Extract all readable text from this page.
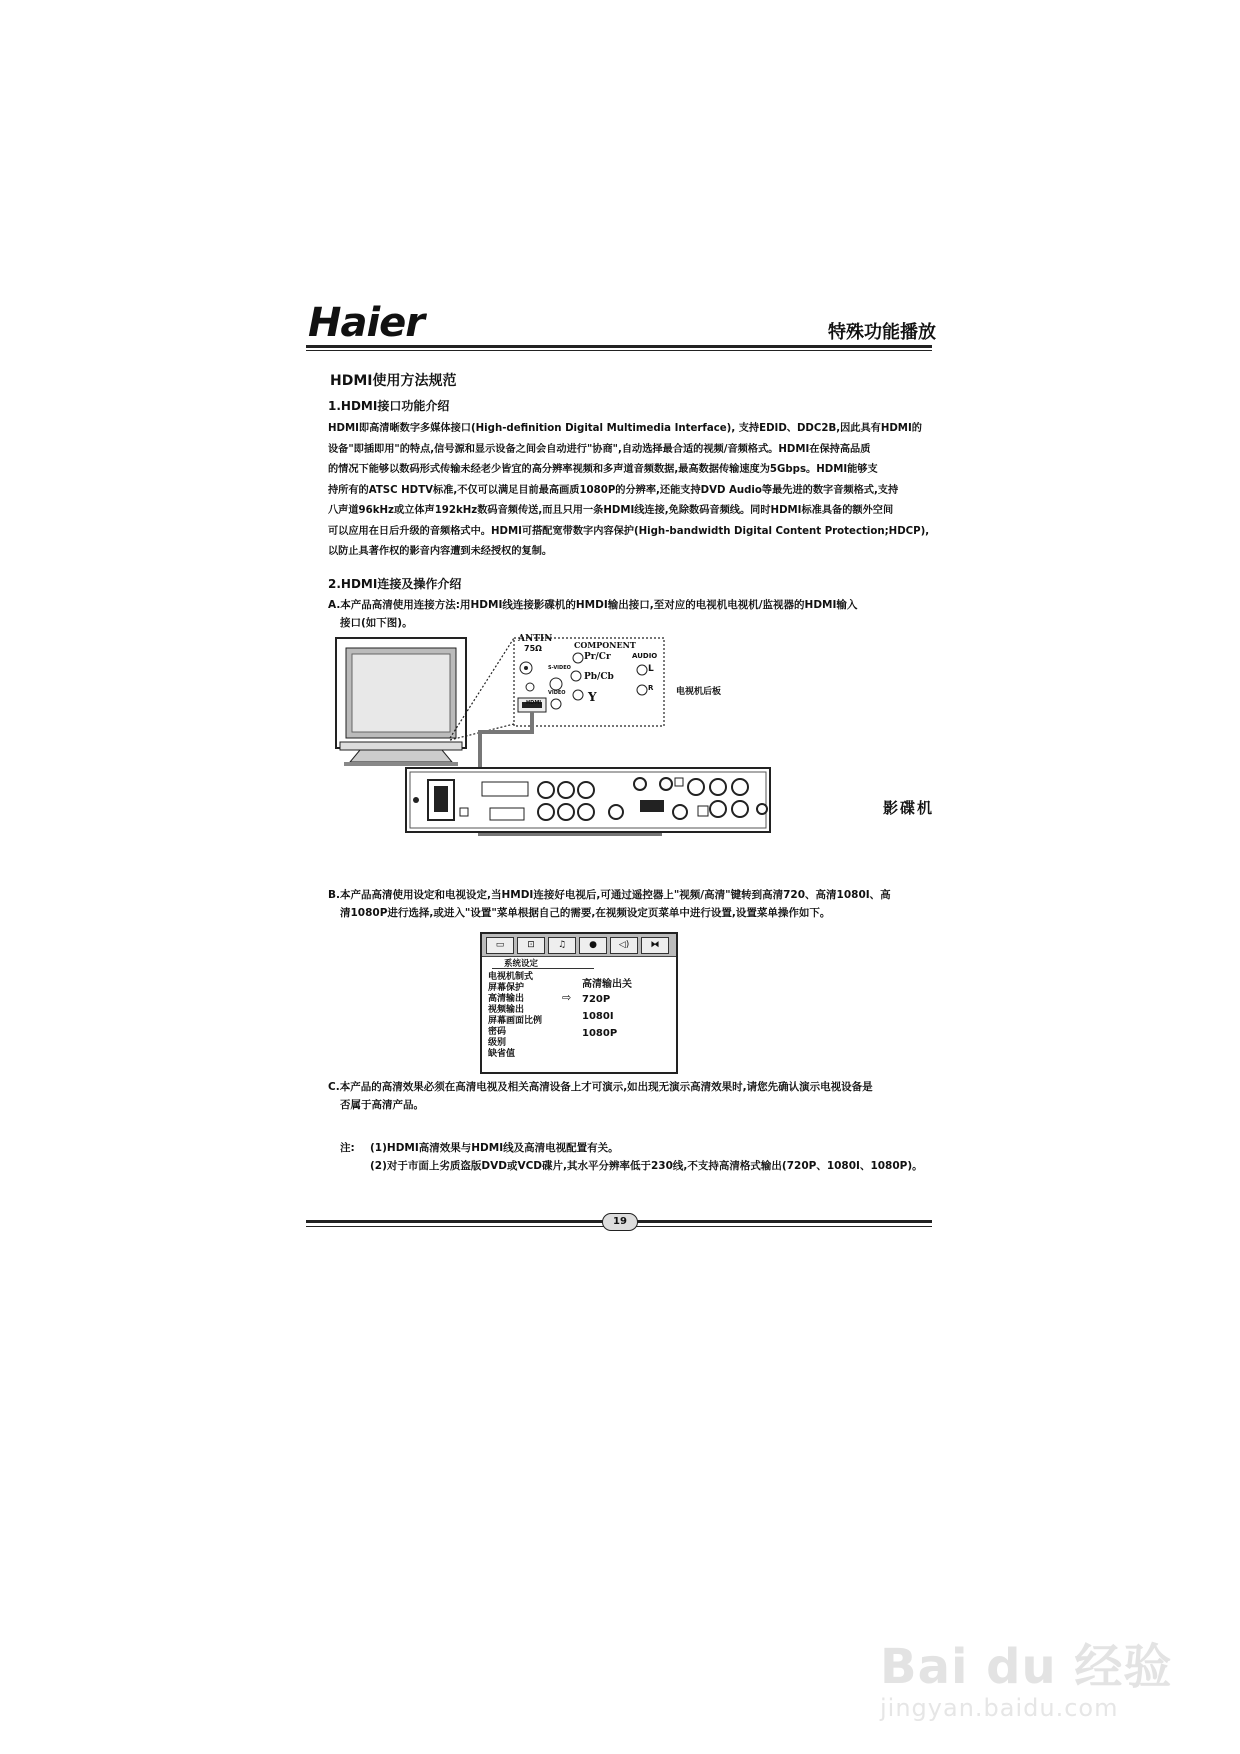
Haier	特殊功能播放
HDMI使用方法规范
1.HDMI接口功能介绍
HDMI即高清晰数字多媒体接口(High-definition Digital Multimedia Interface), 支持EDID、DDC2B,因此具有HDMI的
设备"即插即用"的特点,信号源和显示设备之间会自动进行"协商",自动选择最合适的视频/音频格式。HDMI在保持高品质
的情况下能够以数码形式传输未经老少皆宜的高分辨率视频和多声道音频数据,最高数据传输速度为5Gbps。HDMI能够支
持所有的ATSC HDTV标准,不仅可以满足目前最高画质1080P的分辨率,还能支持DVD Audio等最先进的数字音频格式,支持
八声道96kHz或立体声192kHz数码音频传送,而且只用一条HDMI线连接,免除数码音频线。同时HDMI标准具备的额外空间
可以应用在日后升级的音频格式中。HDMI可搭配宽带数字内容保护(High-bandwidth Digital Content Protection;HDCP),
以防止具著作权的影音内容遭到未经授权的复制。
2.HDMI连接及操作介绍
A.本产品高清使用连接方法:用HDMI线连接影碟机的HMDI输出接口,至对应的电视机电视机/监视器的HDMI输入
接口(如下图)。
ANTIN
75Ω	COMPONENT
AUDIO
Pr/Cr
Pb/Cb
Y
L
R
S-VIDEO
VIDEO
HDMI
电视机后板
影碟机
B.本产品高清使用设定和电视设定,当HMDI连接好电视后,可通过遥控器上"视频/高清"键转到高清720、高清1080I、高
清1080P进行选择,或进入"设置"菜单根据自己的需要,在视频设定页菜单中进行设置,设置菜单操作如下。
▭	⊡	♫	●	◁)	⧓
系统设定
电视机制式
屏幕保护
高清输出
视频输出
屏幕画面比例
密码
级别
缺省值
高清输出关
⇨ 720P
1080I
1080P
C.本产品的高清效果必须在高清电视及相关高清设备上才可演示,如出现无演示高清效果时,请您先确认演示电视设备是
否属于高清产品。
注: (1)HDMI高清效果与HDMI线及高清电视配置有关。
(2)对于市面上劣质盗版DVD或VCD碟片,其水平分辨率低于230线,不支持高清格式输出(720P、1080I、1080P)。
19
Bai du 经验
jingyan.baidu.com
